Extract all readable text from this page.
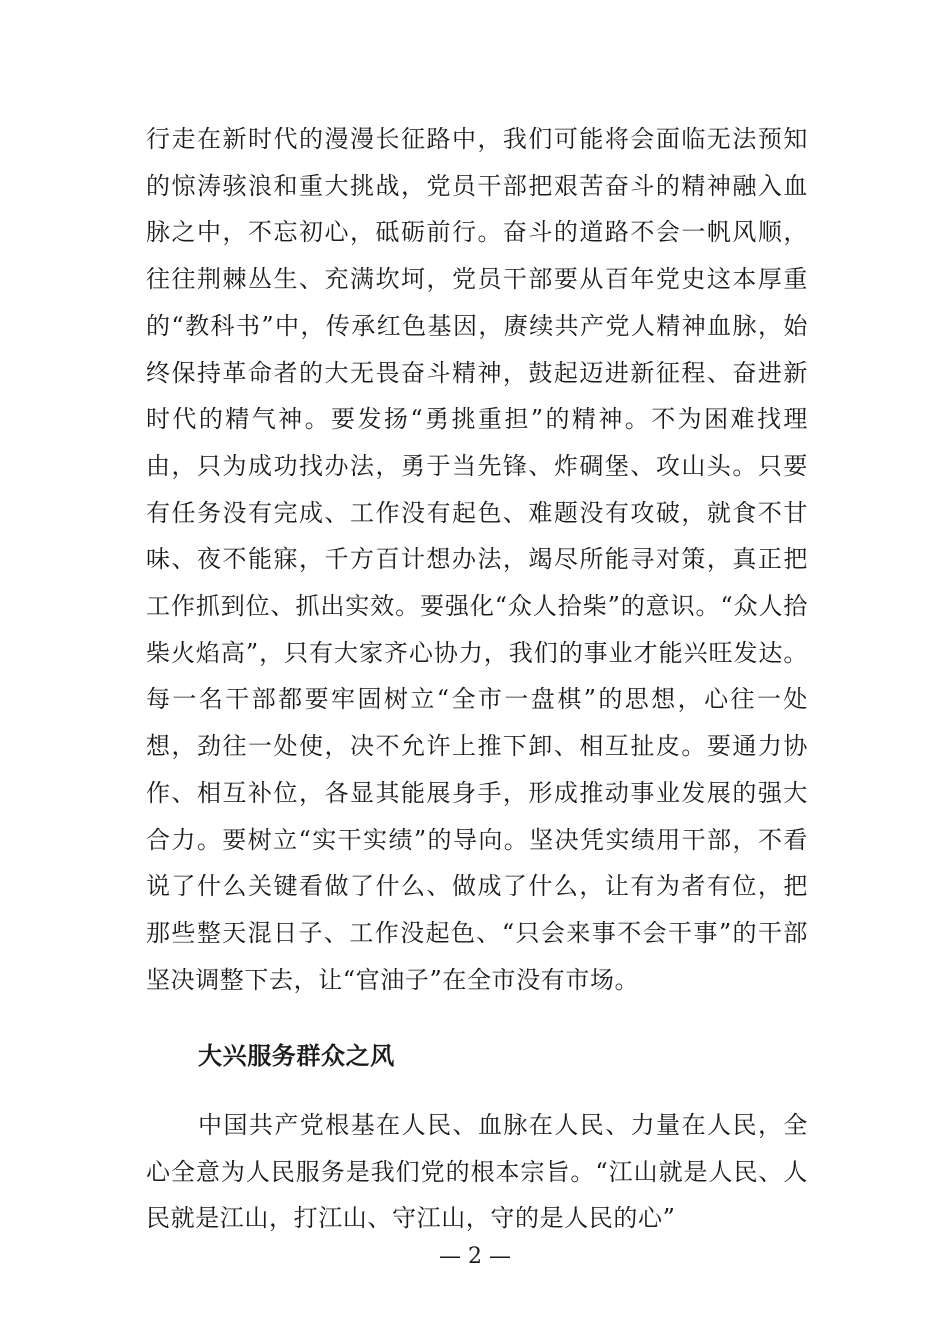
行走在新时代的漫漫长征路中，我们可能将会面临无法预知的惊涛骇浪和重大挑战，党员干部把艰苦奋斗的精神融入血脉之中，不忘初心，砥砺前行。奋斗的道路不会一帆风顺，往往荆棘丛生、充满坎坷，党员干部要从百年党史这本厚重的“教科书”中，传承红色基因，赓续共产党人精神血脉，始终保持革命者的大无畏奋斗精神，鼓起迈进新征程、奋进新时代的精气神。要发扬“勇挑重担”的精神。不为困难找理由，只为成功找办法，勇于当先锋、炸碉堡、攻山头。只要有任务没有完成、工作没有起色、难题没有攻破，就食不甘味、夜不能寐，千方百计想办法，竭尽所能寻对策，真正把工作抓到位、抓出实效。要强化“众人拾柴”的意识。“众人拾柴火焰高”，只有大家齐心协力，我们的事业才能兴旺发达。每一名干部都要牢固树立“全市一盘棋”的思想，心往一处想，劲往一处使，决不允许上推下卸、相互扯皮。要通力协作、相互补位，各显其能展身手，形成推动事业发展的强大合力。要树立“实干实绩”的导向。坚决凭实绩用干部，不看说了什么关键看做了什么、做成了什么，让有为者有位，把那些整天混日子、工作没起色、“只会来事不会干事”的干部坚决调整下去，让“官油子”在全市没有市场。

大兴服务群众之风

中国共产党根基在人民、血脉在人民、力量在人民，全心全意为人民服务是我们党的根本宗旨。“江山就是人民、人民就是江山，打江山、守江山，守的是人民的心”

— 2 —
